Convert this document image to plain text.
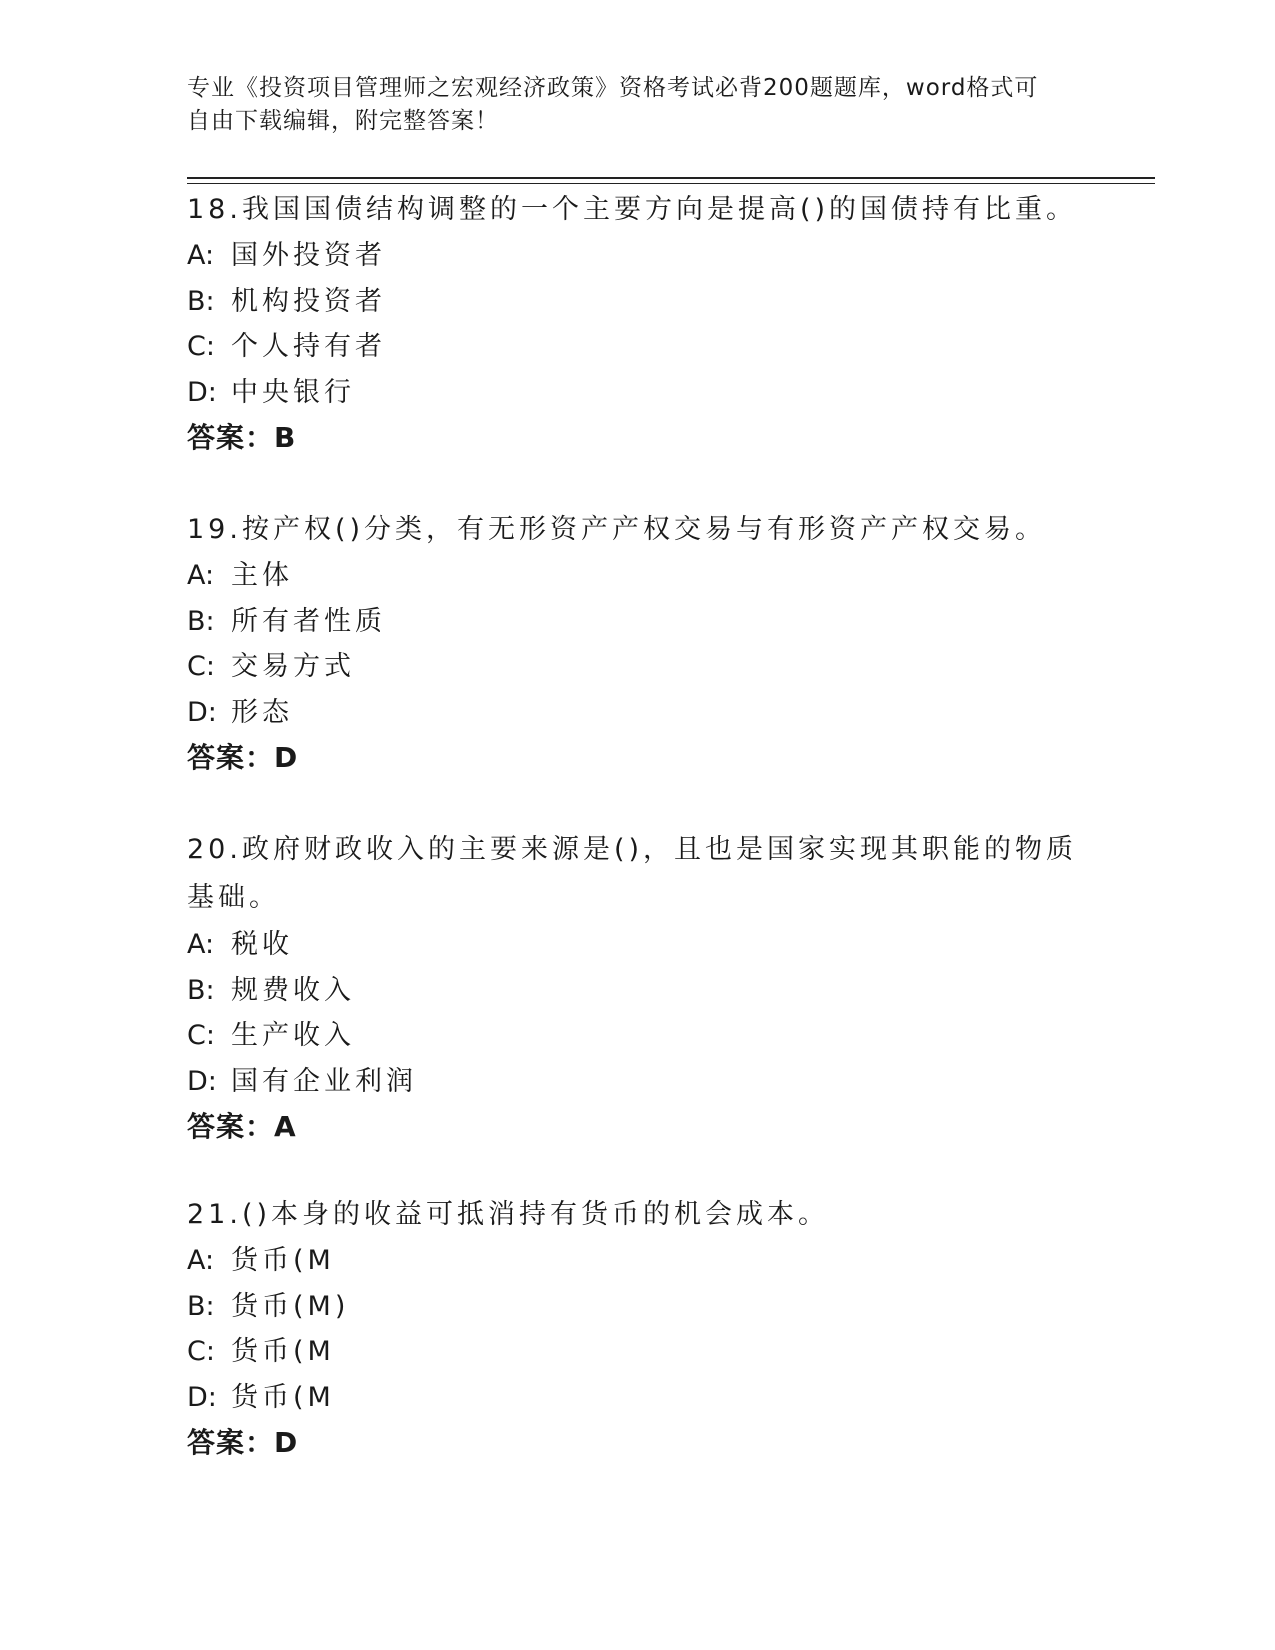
专业《投资项目管理师之宏观经济政策》资格考试必背200题题库，word格式可
自由下载编辑，附完整答案！

18.我国国债结构调整的一个主要方向是提高()的国债持有比重。

A: 国外投资者
B: 机构投资者
C: 个人持有者
D: 中央银行
答案：B

19.按产权()分类，有无形资产产权交易与有形资产产权交易。

A: 主体
B: 所有者性质
C: 交易方式
D: 形态
答案：D

20.政府财政收入的主要来源是()，且也是国家实现其职能的物质基础。

A: 税收
B: 规费收入
C: 生产收入
D: 国有企业利润
答案：A

21.()本身的收益可抵消持有货币的机会成本。

A: 货币(M
B: 货币(M)
C: 货币(M
D: 货币(M
答案：D
